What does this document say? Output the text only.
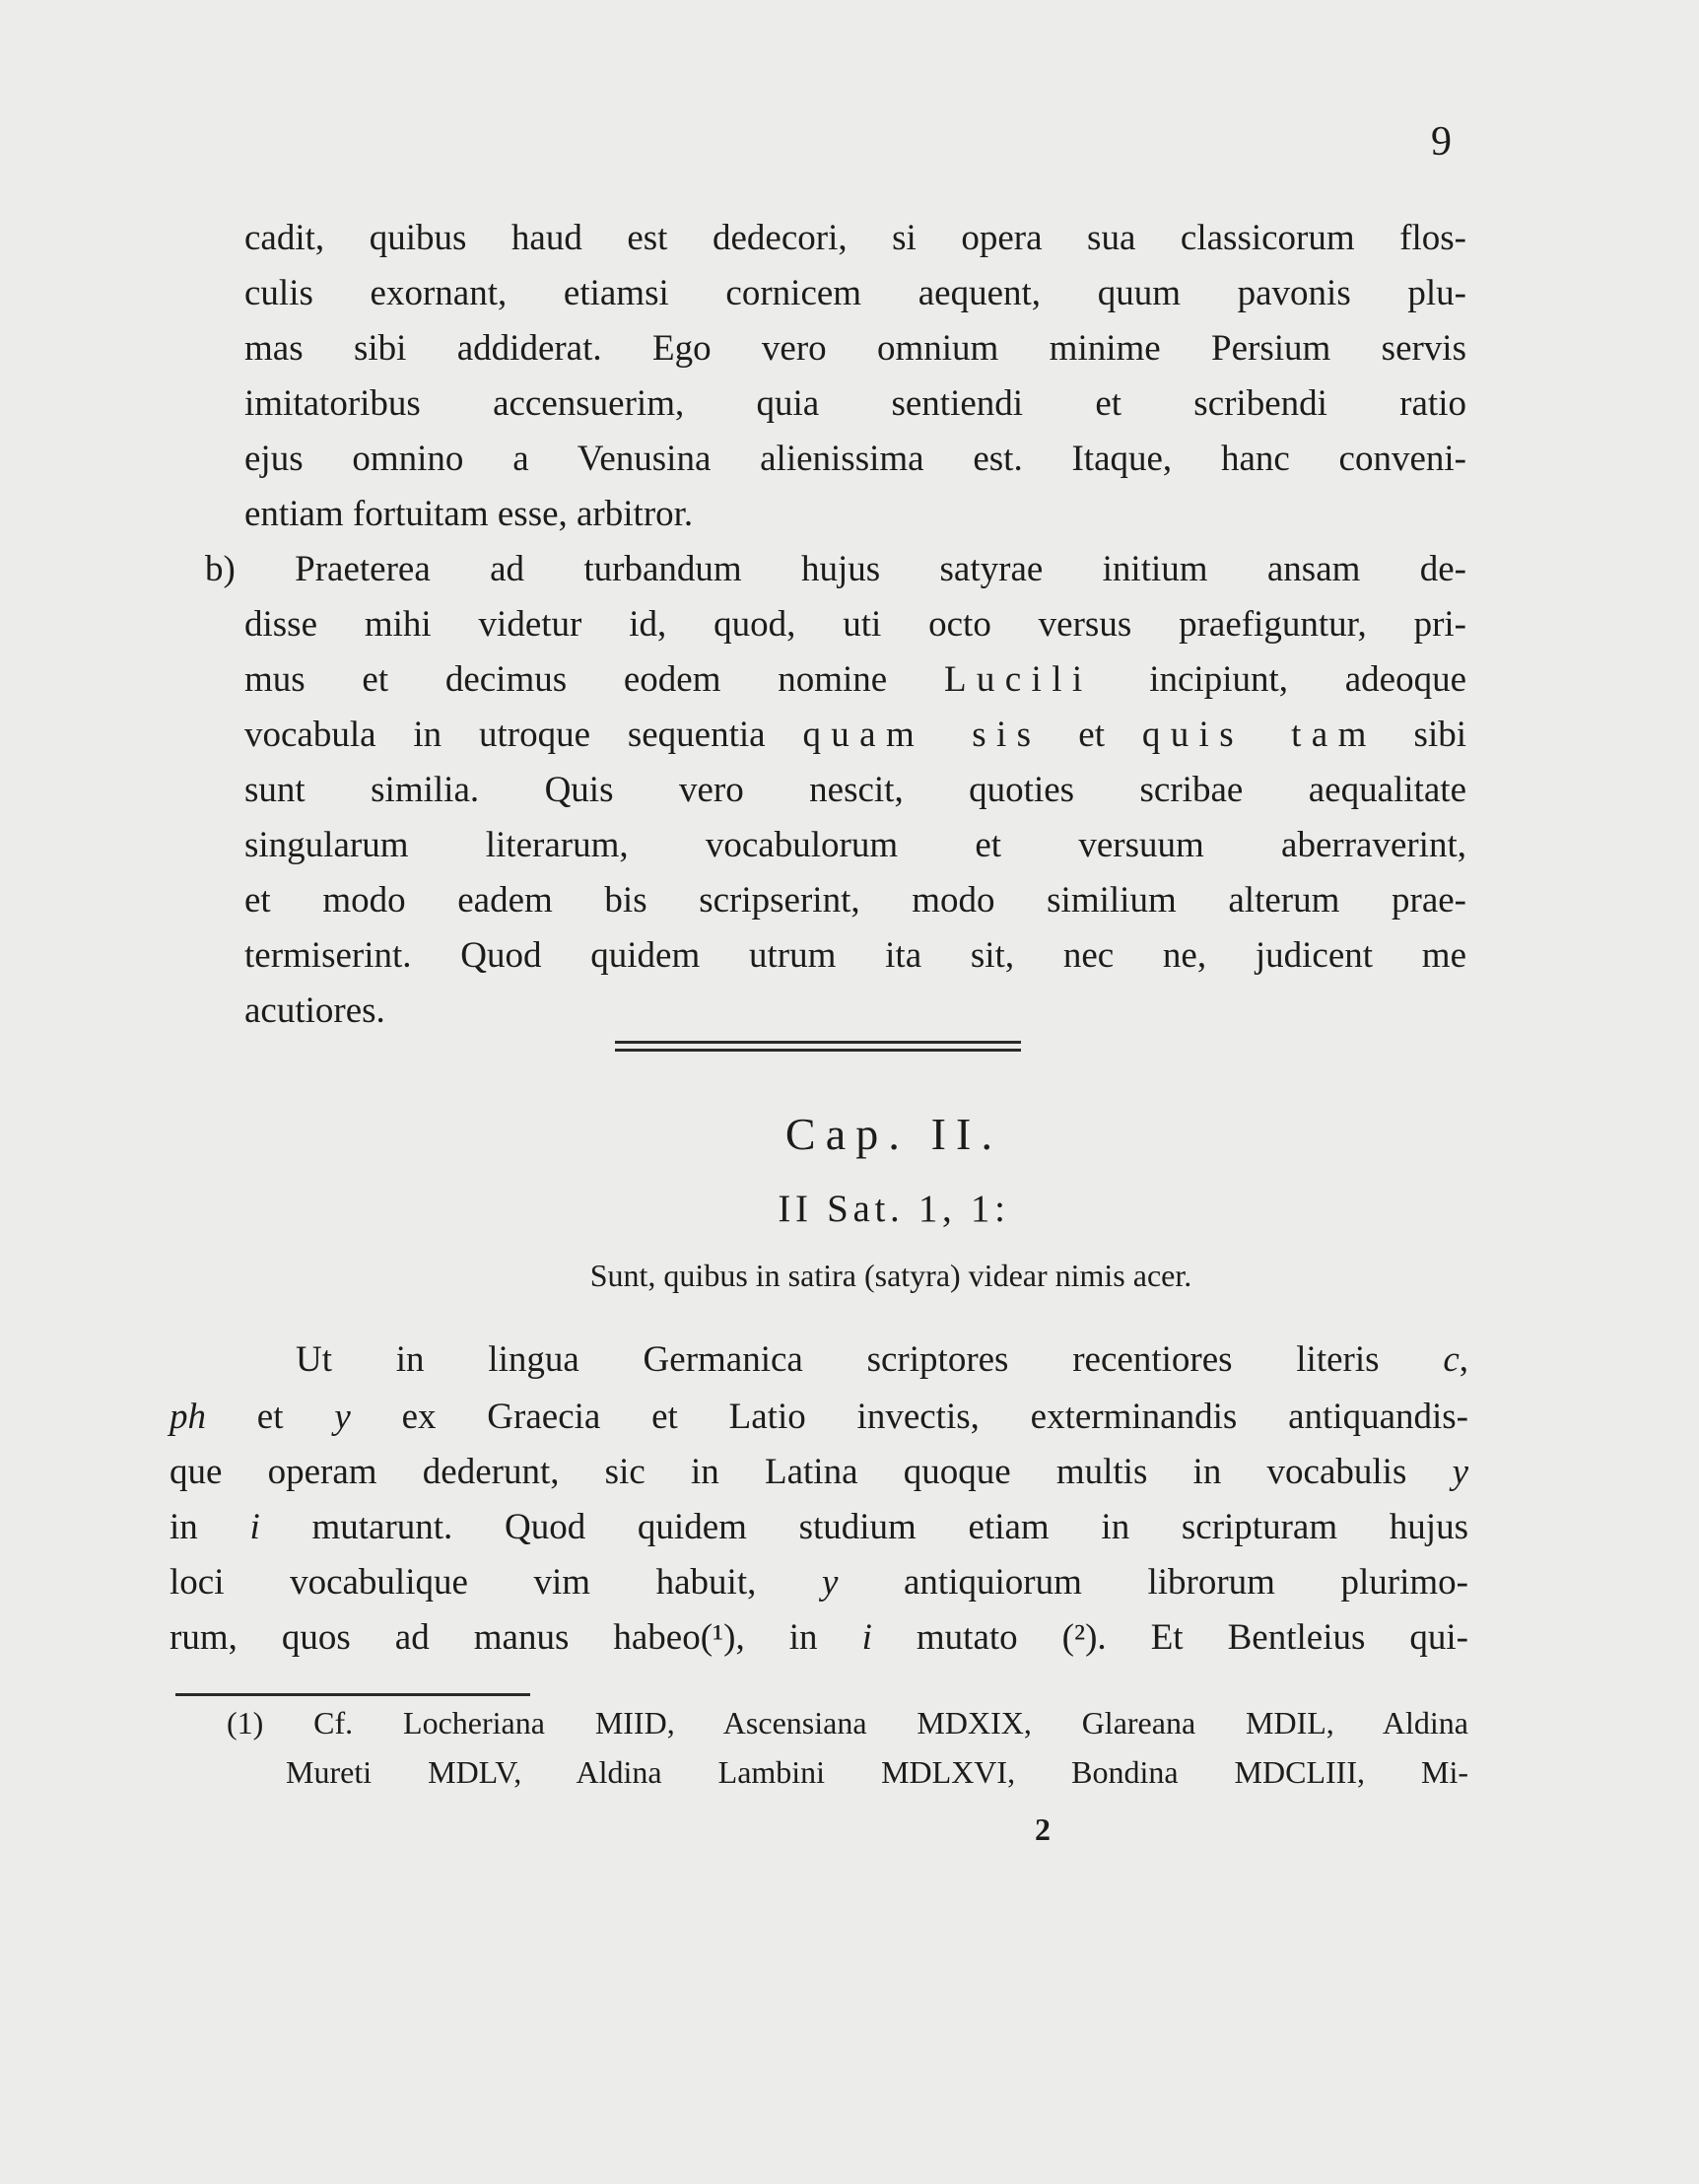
9
cadit, quibus haud est dedecori, si opera sua classicorum flos-
culis exornant, etiamsi cornicem aequent, quum pavonis plu-
mas sibi addiderat. Ego vero omnium minime Persium servis
imitatoribus accensuerim, quia sentiendi et scribendi ratio
ejus omnino a Venusina alienissima est. Itaque, hanc conveni-
entiam fortuitam esse, arbitror.
b) Praeterea ad turbandum hujus satyrae initium ansam de-
disse mihi videtur id, quod, uti octo versus praefiguntur, pri-
mus et decimus eodem nomine Lucili incipiunt, adeoque
vocabula in utroque sequentia quam sis et quis tam sibi
sunt similia. Quis vero nescit, quoties scribae aequalitate
singularum literarum, vocabulorum et versuum aberraverint,
et modo eadem bis scripserint, modo similium alterum prae-
termiserint. Quod quidem utrum ita sit, nec ne, judicent me
acutiores.
Cap. II.
II Sat. 1, 1:
Sunt, quibus in satira (satyra) videar nimis acer.
Ut in lingua Germanica scriptores recentiores literis c,
ph et y ex Graecia et Latio invectis, exterminandis antiquandis-
que operam dederunt, sic in Latina quoque multis in vocabulis y
in i mutarunt. Quod quidem studium etiam in scripturam hujus
loci vocabulique vim habuit, y antiquiorum librorum plurimo-
rum, quos ad manus habeo(¹), in i mutato (²). Et Bentleius qui-
(1) Cf. Locheriana MIID, Ascensiana MDXIX, Glareana MDIL, Aldina
Mureti MDLV, Aldina Lambini MDLXVI, Bondina MDCLIII, Mi-
2
